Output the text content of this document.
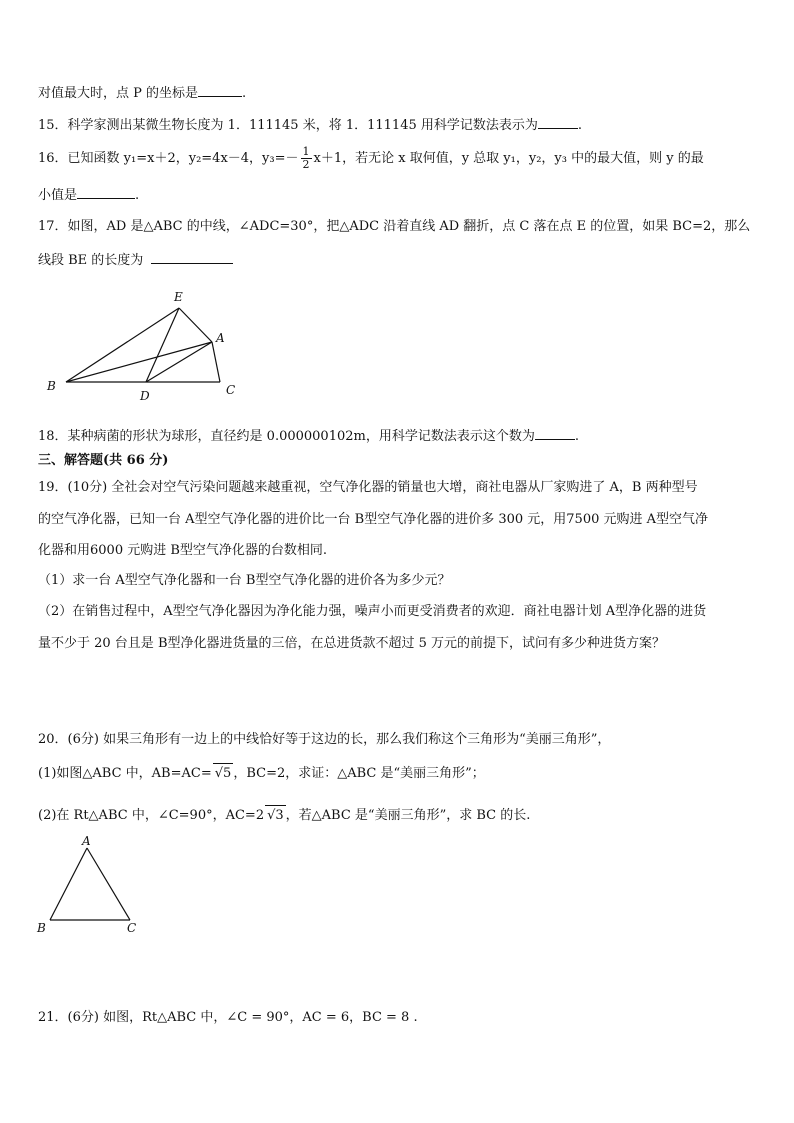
对值最大时，点 P 的坐标是	.
15．科学家测出某微生物长度为 1．111145 米，将 1．111145 用科学记数法表示为	.
16．已知函数 y₁=x＋2，y₂=4x－4，$y_3=- \frac{1}{2} x+1$，若无论 x 取何值，y 总取 y₁，y₂，y₃ 中的最大值，则 y 的最
小值是	.
17．如图，AD 是△ABC 的中线，∠ADC=30°，把△ADC 沿着直线 AD 翻折，点 C 落在点 E 的位置，如果 BC=2，那么
线段 BE 的长度为
E
A
B
D	C
18．某种病菌的形状为球形，直径约是 0.000000102m，用科学记数法表示这个数为	.
三、解答题(共 66 分)
19．(10分) 全社会对空气污染问题越来越重视，空气净化器的销量也大增，商社电器从厂家购进了 A，B 两种型号
的空气净化器，已知一台 A型空气净化器的进价比一台 B型空气净化器的进价多 300 元，用7500 元购进 A型空气净
化器和用6000 元购进 B型空气净化器的台数相同.
（1）求一台 A型空气净化器和一台 B型空气净化器的进价各为多少元？
（2）在销售过程中，A型空气净化器因为净化能力强，噪声小而更受消费者的欢迎．商社电器计划 A型净化器的进货
量不少于 20 台且是 B型净化器进货量的三倍，在总进货款不超过 5 万元的前提下，试问有多少种进货方案？
20．(6分) 如果三角形有一边上的中线恰好等于这边的长，那么我们称这个三角形为“美丽三角形”，
(1)如图△ABC 中，AB=AC= √5 ，BC=2，求证：△ABC 是“美丽三角形”；
(2)在 Rt△ABC 中，∠C=90°，AC=2 √3 ，若△ABC 是“美丽三角形”，求 BC 的长.
A
B	C
21．(6分) 如图，Rt△ABC 中，∠C = 90°，AC = 6，BC = 8 .
